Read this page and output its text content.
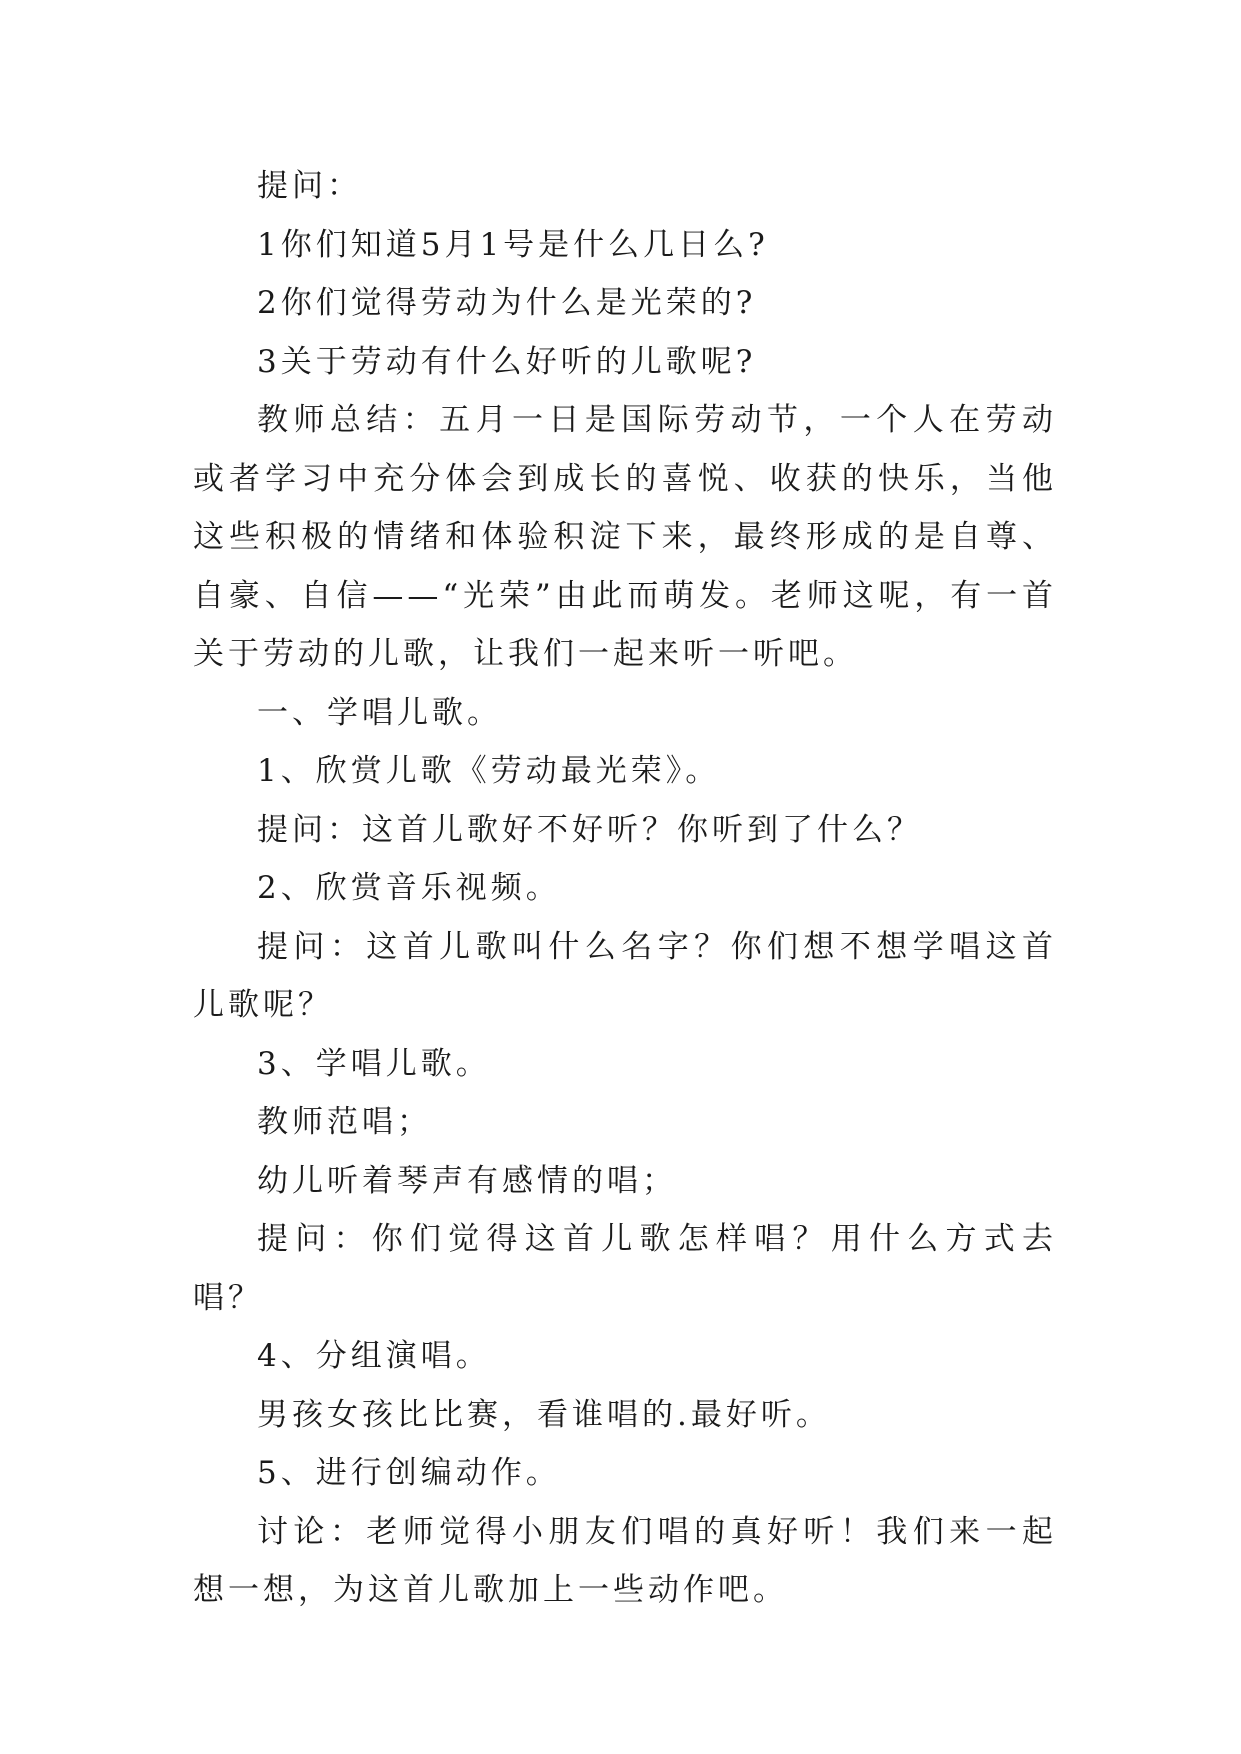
提问：

1你们知道5月1号是什么几日么?

2你们觉得劳动为什么是光荣的?

3关于劳动有什么好听的儿歌呢?

教师总结：五月一日是国际劳动节，一个人在劳动或者学习中充分体会到成长的喜悦、收获的快乐，当他这些积极的情绪和体验积淀下来，最终形成的是自尊、自豪、自信——“光荣”由此而萌发。老师这呢，有一首关于劳动的儿歌，让我们一起来听一听吧。

一、学唱儿歌。

1、欣赏儿歌《劳动最光荣》。

提问：这首儿歌好不好听？你听到了什么？

2、欣赏音乐视频。

提问：这首儿歌叫什么名字？你们想不想学唱这首儿歌呢？

3、学唱儿歌。

教师范唱；

幼儿听着琴声有感情的唱；

提问：你们觉得这首儿歌怎样唱？用什么方式去唱？

4、分组演唱。

男孩女孩比比赛，看谁唱的.最好听。

5、进行创编动作。

讨论：老师觉得小朋友们唱的真好听！我们来一起想一想，为这首儿歌加上一些动作吧。
